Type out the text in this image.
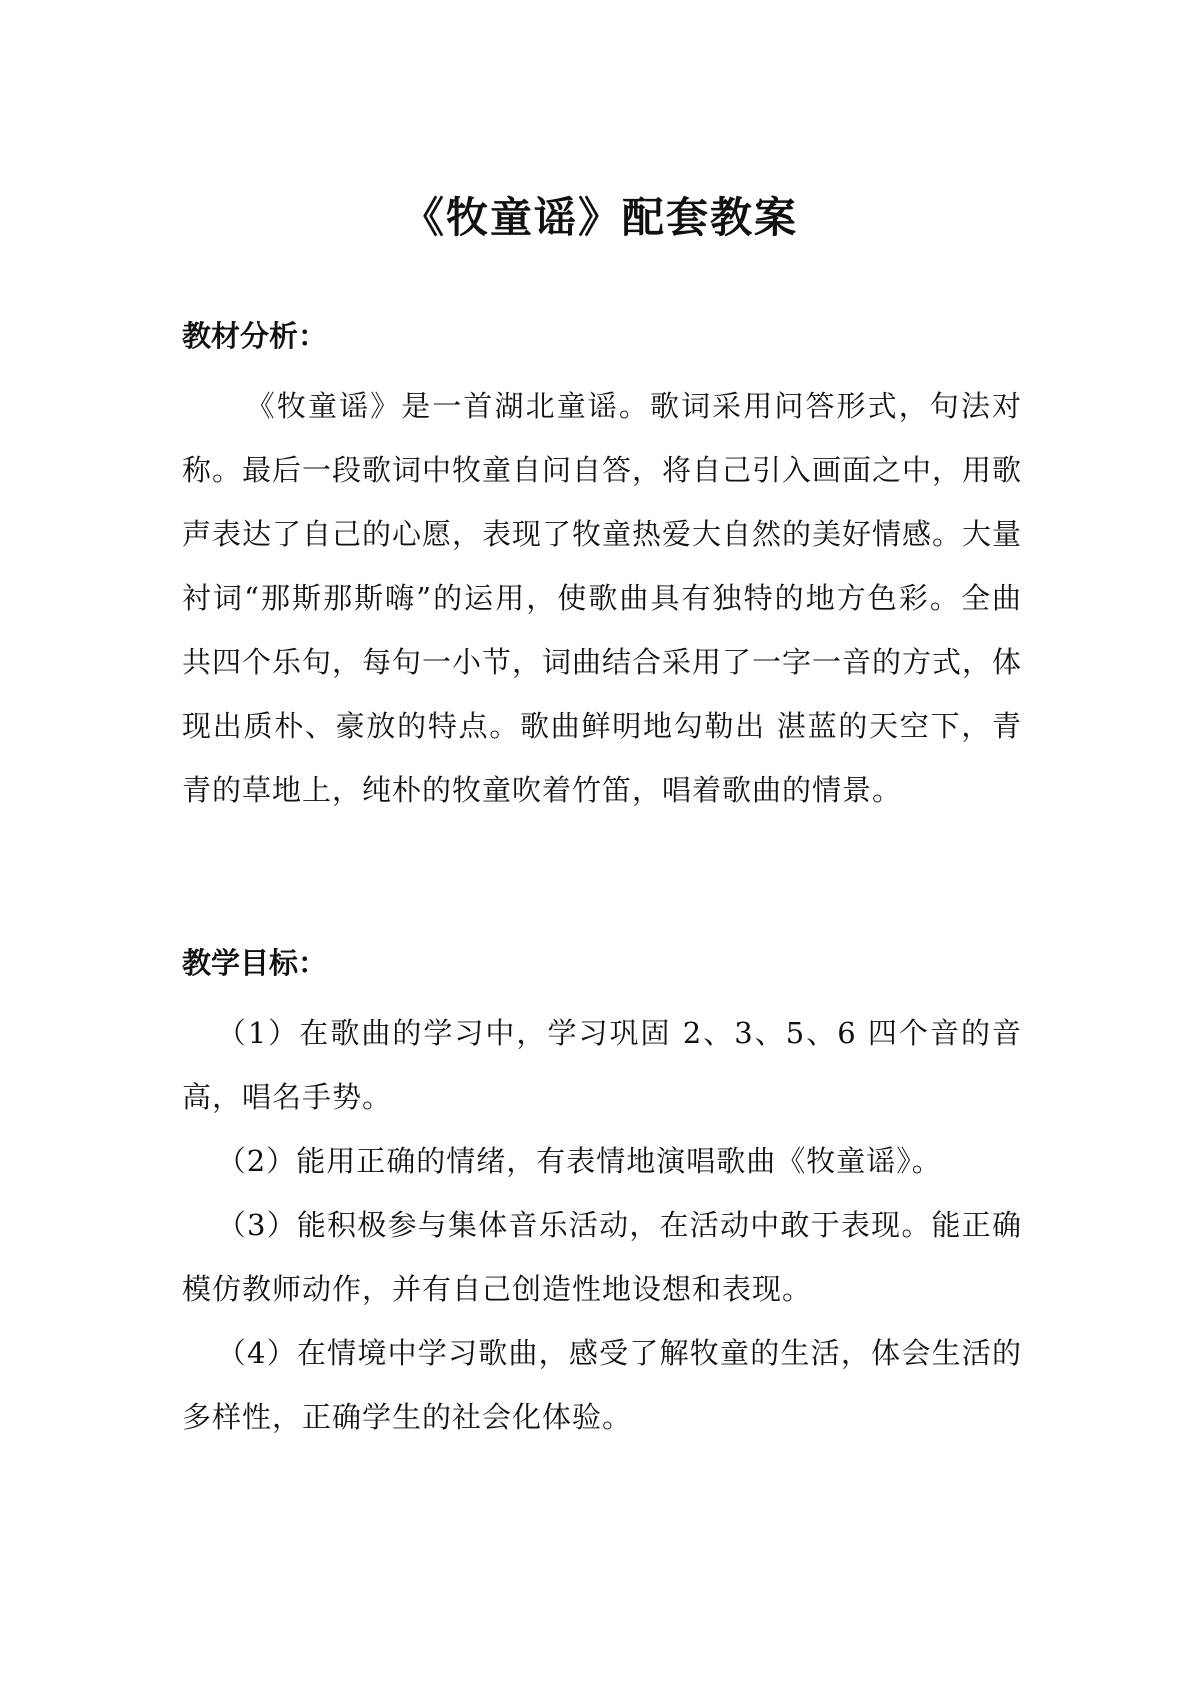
《牧童谣》配套教案

教材分析：

《牧童谣》是一首湖北童谣。歌词采用问答形式，句法对称。最后一段歌词中牧童自问自答，将自己引入画面之中，用歌声表达了自己的心愿，表现了牧童热爱大自然的美好情感。大量衬词“那斯那斯嗨”的运用，使歌曲具有独特的地方色彩。全曲共四个乐句，每句一小节，词曲结合采用了一字一音的方式，体现出质朴、豪放的特点。歌曲鲜明地勾勒出 湛蓝的天空下，青青的草地上，纯朴的牧童吹着竹笛，唱着歌曲的情景。

教学目标：

（1）在歌曲的学习中，学习巩固 2、3、5、6 四个音的音高，唱名手势。

（2）能用正确的情绪，有表情地演唱歌曲《牧童谣》。

（3）能积极参与集体音乐活动，在活动中敢于表现。能正确模仿教师动作，并有自己创造性地设想和表现。

（4）在情境中学习歌曲，感受了解牧童的生活，体会生活的多样性，正确学生的社会化体验。
